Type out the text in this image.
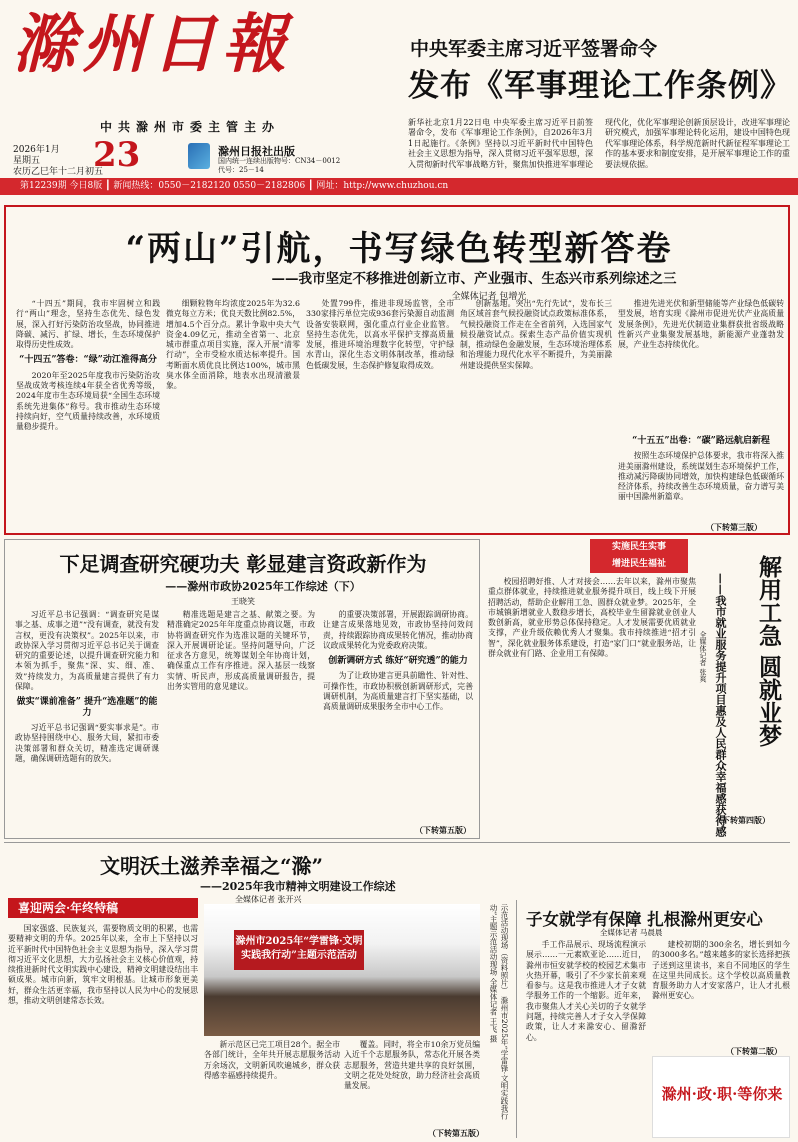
滁州日報
中共滁州市委主管主办
中央军委主席习近平签署命令
发布《军事理论工作条例》
2026年1月
星期五
农历乙巳年十二月初五
23	滁州日报社出版
国内统一连续出版物号：CN34－0012
代号：25－14
新华社北京1月22日电 中央军委主席习近平日前签署命令，发布《军事理论工作条例》，自2026年3月1日起施行。《条例》坚持以习近平新时代中国特色社会主义思想为指导，深入贯彻习近平强军思想，深入贯彻新时代军事战略方针，聚焦加快推进军事理论现代化，优化军事理论创新顶层设计，改进军事理论研究模式，加强军事理论转化运用，建设中国特色现代军事理论体系，科学规范新时代新征程军事理论工作的基本要求和制度安排，是开展军事理论工作的重要法规依据。
第12239期 今日8版 ┃ 新闻热线：0550－2182120 0550－2182806 ┃ 网址：http://www.chuzhou.cn
“两山”引航，书写绿色转型新答卷
——我市坚定不移推进创新立市、产业强市、生态兴市系列综述之三
全媒体记者 包增光

“十四五”期间，我市牢固树立和践行“两山”理念，坚持生态优先、绿色发展，深入打好污染防治攻坚战，协同推进降碳、减污、扩绿、增长，生态环境保护取得历史性成效。

“十四五”答卷：“绿”动江淮得高分

2020年至2025年度我市污染防治攻坚战成效考核连续4年获全省优秀等级，2024年度市生态环境局获“全国生态环境系统先进集体”称号。我市推动生态环境持续向好，空气质量持续改善，水环境质量稳步提升。

细颗粒物年均浓度2025年为32.6微克每立方米；优良天数比例82.5%，增加4.5个百分点。累计争取中央大气资金4.09亿元，推动全省第一、北京城市群重点项目实施，深入开展“清零行动”，全市受检水质达标率提升。国考断面水质优良比例达100%，城市黑臭水体全面消除，地表水出现清澈景象。

处置799件，推进非现场监管，全市330家排污单位完成936套污染源自动监测设备安装联网，强化重点行业企业监管。坚持生态优先，以高水平保护支撑高质量发展，推进环境治理数字化转型，守护绿水青山，深化生态文明体制改革，推动绿色低碳发展，生态保护修复取得成效。

创新基地。突出“先行先试”，发布长三角区域首套气候投融资试点政策标准体系，气候投融资工作走在全省前列，入选国家气候投融资试点。探索生态产品价值实现机制，推动绿色金融发展，生态环境治理体系和治理能力现代化水平不断提升，为美丽滁州建设提供坚实保障。

推进先进光伏和新型储能等产业绿色低碳转型发展，培育实现《滁州市促进光伏产业高质量发展条例》，先进光伏制造业集群获批省级战略性新兴产业集聚发展基地，新能源产业蓬勃发展，产业生态持续优化。

“十五五”出卷：“碳”路远航启新程

按照生态环境保护总体要求，我市将深入推进美丽滁州建设，系统谋划生态环境保护工作，推动减污降碳协同增效，加快构建绿色低碳循环经济体系，持续改善生态环境质量，奋力谱写美丽中国滁州新篇章。

（下转第三版）
下足调查研究硬功夫 彰显建言资政新作为
——滁州市政协2025年工作综述（下）
王晓笑

习近平总书记强调：“调查研究是谋事之基、成事之道”“没有调查，就没有发言权，更没有决策权”。2025年以来，市政协深入学习贯彻习近平总书记关于调查研究的重要论述，以提升调查研究能力和本领为抓手，聚焦“深、实、细、准、效”持续发力，为高质量建言提供了有力保障。

做实“课前准备” 提升“选准题”的能力

习近平总书记强调“要实事求是”。市政协坚持围绕中心、服务大局，紧扣市委决策部署和群众关切，精准选定调研课题，确保调研选题有的放矢。

精准选题是建言之基、献策之要。为精准确定2025年年度重点协商议题，市政协将调查研究作为选准议题的关键环节，深入开展调研论证。坚持问题导向，广泛征求各方意见，统筹谋划全年协商计划，确保重点工作有序推进。深入基层一线察实情、听民声，形成高质量调研报告，提出务实管用的意见建议。

的重要决策部署，开展跟踪调研协商。让建言成果落地见效，市政协坚持问效问责，持续跟踪协商成果转化情况，推动协商议政成果转化为党委政府决策。

创新调研方式 练好“研究透”的能力

为了让政协建言更具前瞻性、针对性、可操作性，市政协积极创新调研形式，完善调研机制，为高质量建言打下坚实基础，以高质量调研成果服务全市中心工作。

（下转第五版）
实施民生实事
增进民生福祉	解用工急 圆就业梦
——我市就业服务提升项目惠及人民群众幸福感获得感
全媒体记者 张爽

校园招聘好推、人才对接会……去年以来，滁州市聚焦重点群体就业，持续推进就业服务提升项目，线上线下开展招聘活动，帮助企业解用工急、圆群众就业梦。2025年，全市城镇新增就业人数稳步增长，高校毕业生留滁就业创业人数创新高，就业形势总体保持稳定。人才发展需要优质就业支撑，产业升级依赖优秀人才聚集。我市持续推进“招才引智”，深化就业服务体系建设，打造“家门口”就业服务站，让群众就业有门路、企业用工有保障。

（下转第四版）
文明沃土滋养幸福之“滁”
——2025年我市精神文明建设工作综述
全媒体记者 张开兴
喜迎两会·年终特稿

国家强盛、民族复兴，需要物质文明的积累，也需要精神文明的升华。2025年以来，全市上下坚持以习近平新时代中国特色社会主义思想为指导，深入学习贯彻习近平文化思想，大力弘扬社会主义核心价值观，持续推进新时代文明实践中心建设，精神文明建设结出丰硕成果。城市向新，筑牢文明根基。让城市形象更美好，群众生活更幸福，我市坚持以人民为中心的发展思想，推动文明创建常态长效。

滁州市2025年“学雷锋·文明实践我行动”主题示范活动	示范活动现场（资料照片） 滁州市2025年“学雷锋·文明实践我行动”主题示范活动现场 全媒体记者 王飞 摄

新示范区已完工项目28个。据全市各部门统计，全年共开展志愿服务活动万余场次，文明新风吹遍城乡，群众获得感幸福感持续提升。

覆盖。同时，将全市10余万党员编入近千个志愿服务队，常态化开展各类志愿服务，营造共建共享的良好氛围，文明之花处处绽放，助力经济社会高质量发展。

（下转第五版）
子女就学有保障 扎根滁州更安心
全媒体记者 马晨晨

手工作品展示、现场流程演示展示……一元素欧亚论……近日，滁州市恒安就学校的校园艺术集市火热开幕，吸引了不少家长前来观看参与。这是我市推进人才子女就学服务工作的一个缩影。近年来，我市聚焦人才关心关切的子女就学问题，持续完善人才子女入学保障政策，让人才来滁安心、留滁舒心。

建校初期的300余名，增长到如今的3000多名。”越来越多的家长选择把孩子送到这里读书，来自不同地区的学生在这里共同成长。这个学校以高质量教育服务助力人才安家落户，让人才扎根滁州更安心。

（下转第二版）
滁州·政·职·等你来
